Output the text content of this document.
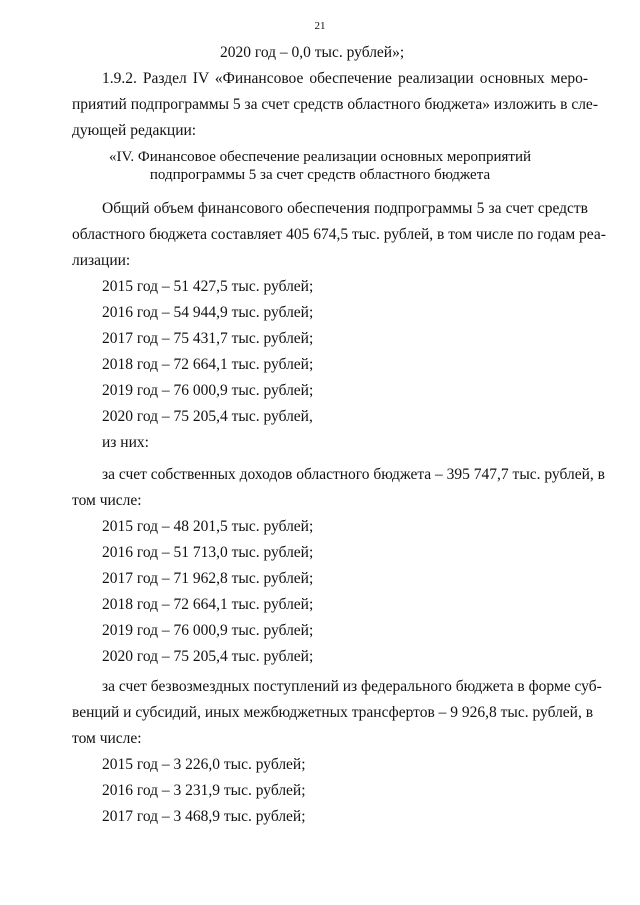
21
2020 год – 0,0 тыс. рублей»;
1.9.2. Раздел IV «Финансовое обеспечение реализации основных меро-
приятий подпрограммы 5 за счет средств областного бюджета» изложить в сле-
дующей редакции:
«IV. Финансовое обеспечение реализации основных мероприятий
подпрограммы 5 за счет средств областного бюджета
Общий объем финансового обеспечения подпрограммы 5 за счет средств
областного бюджета составляет 405 674,5 тыс. рублей, в том числе по годам реа-
лизации:
2015 год – 51 427,5 тыс. рублей;
2016 год – 54 944,9 тыс. рублей;
2017 год – 75 431,7 тыс. рублей;
2018 год – 72 664,1 тыс. рублей;
2019 год – 76 000,9 тыс. рублей;
2020 год – 75 205,4 тыс. рублей,
из них:
за счет собственных доходов областного бюджета – 395 747,7 тыс. рублей, в
том числе:
2015 год – 48 201,5 тыс. рублей;
2016 год – 51 713,0 тыс. рублей;
2017 год – 71 962,8 тыс. рублей;
2018 год – 72 664,1 тыс. рублей;
2019 год – 76 000,9 тыс. рублей;
2020 год – 75 205,4 тыс. рублей;
за счет безвозмездных поступлений из федерального бюджета в форме суб-
венций и субсидий, иных межбюджетных трансфертов – 9 926,8 тыс. рублей, в
том числе:
2015 год – 3 226,0 тыс. рублей;
2016 год – 3 231,9 тыс. рублей;
2017 год – 3 468,9 тыс. рублей;
